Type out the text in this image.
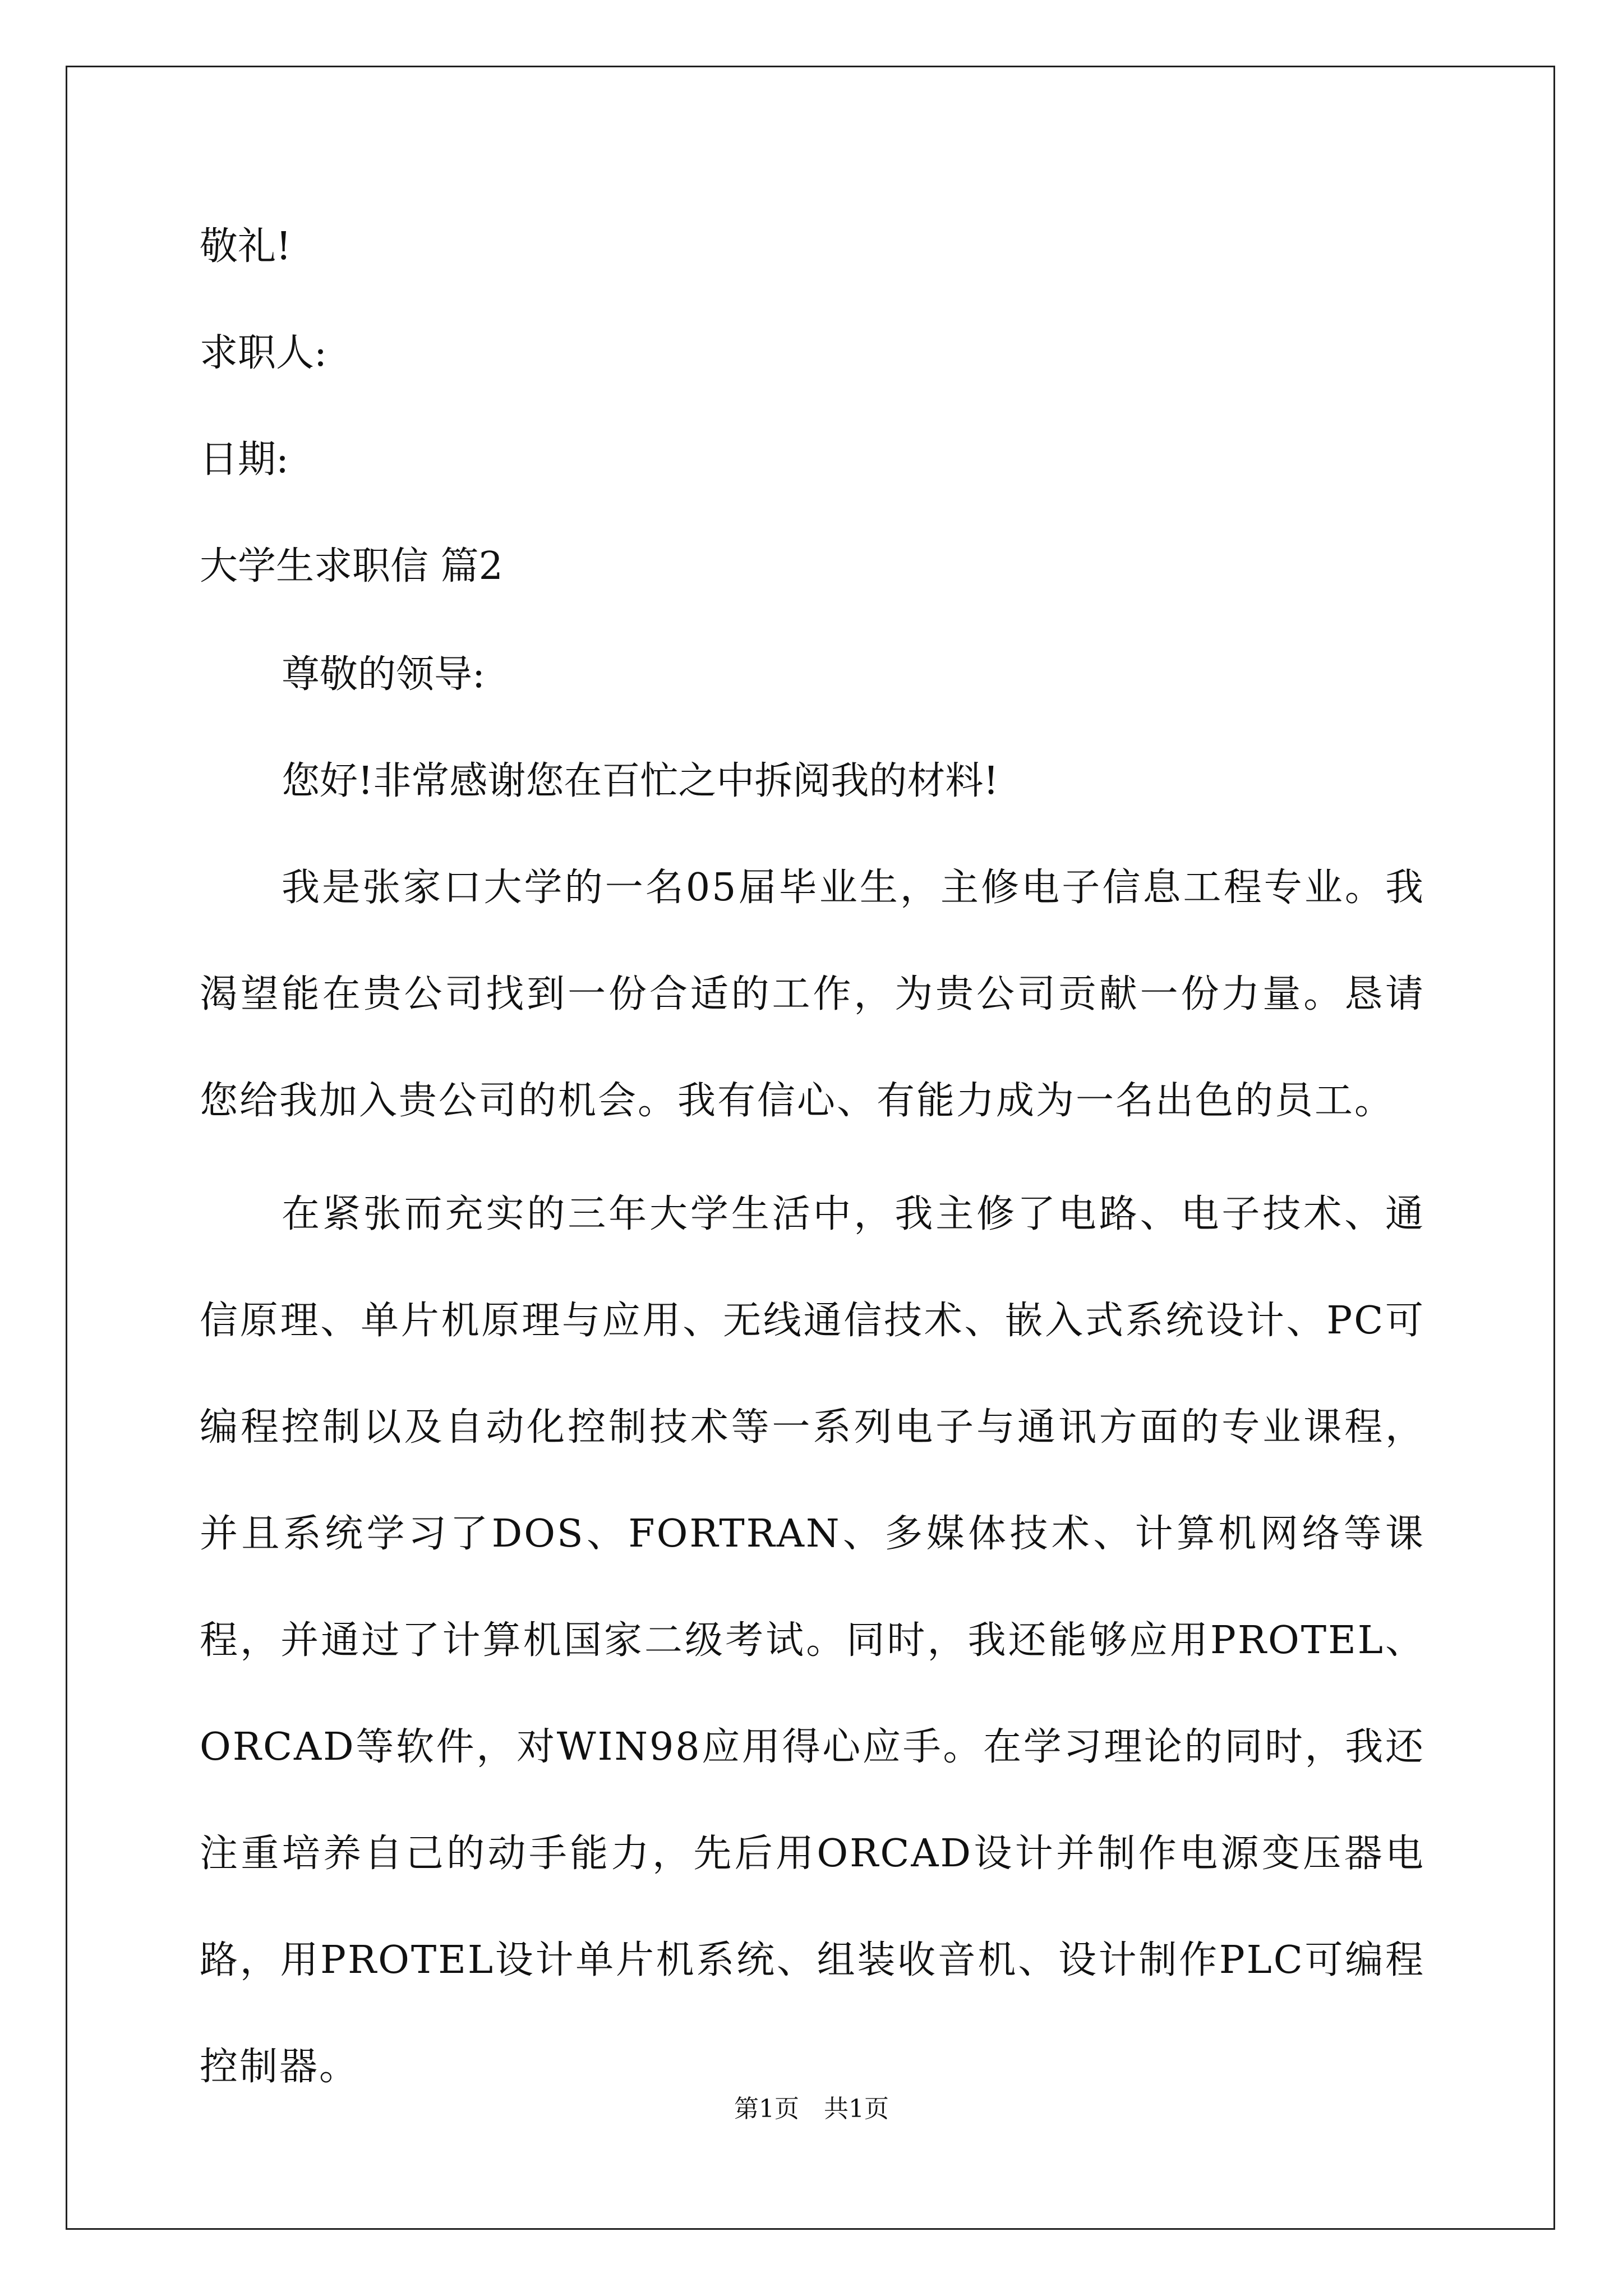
敬礼!

求职人:

日期:

大学生求职信 篇2

尊敬的领导:

您好!非常感谢您在百忙之中拆阅我的材料!

我是张家口大学的一名05届毕业生，主修电子信息工程专业。我渴望能在贵公司找到一份合适的工作，为贵公司贡献一份力量。恳请您给我加入贵公司的机会。我有信心、有能力成为一名出色的员工。

在紧张而充实的三年大学生活中，我主修了电路、电子技术、通信原理、单片机原理与应用、无线通信技术、嵌入式系统设计、PC可编程控制以及自动化控制技术等一系列电子与通讯方面的专业课程，并且系统学习了DOS、FORTRAN、多媒体技术、计算机网络等课程，并通过了计算机国家二级考试。同时，我还能够应用PROTEL、ORCAD等软件，对WIN98应用得心应手。在学习理论的同时，我还注重培养自己的动手能力，先后用ORCAD设计并制作电源变压器电路，用PROTEL设计单片机系统、组装收音机、设计制作PLC可编程控制器。

第1页　共1页
